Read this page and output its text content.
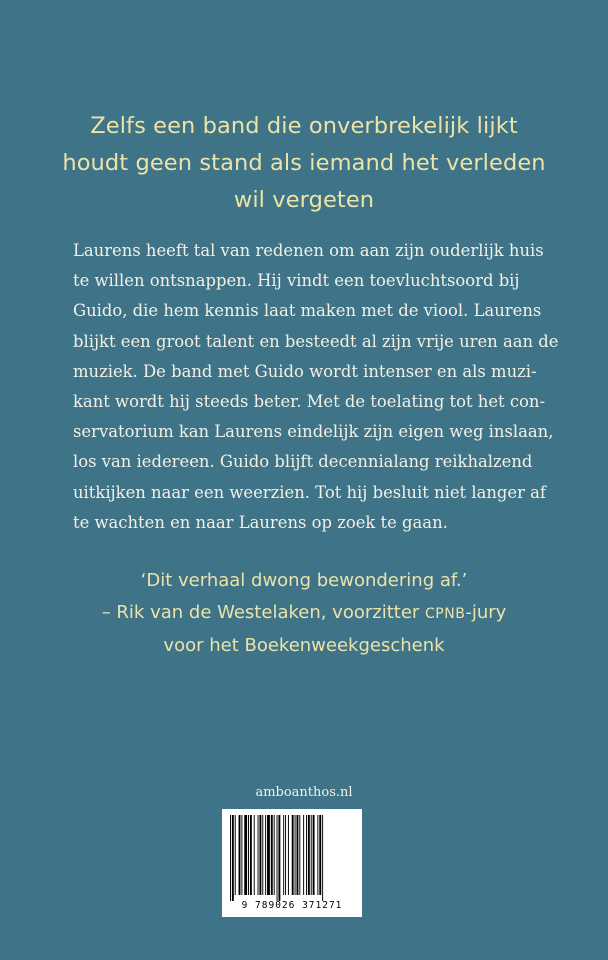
Zelfs een band die onverbrekelijk lijkt
houdt geen stand als iemand het verleden
wil vergeten
Laurens heeft tal van redenen om aan zijn ouderlijk huis
te willen ontsnappen. Hij vindt een toevluchtsoord bij
Guido, die hem kennis laat maken met de viool. Laurens
blijkt een groot talent en besteedt al zijn vrije uren aan de
muziek. De band met Guido wordt intenser en als muzi-
kant wordt hij steeds beter. Met de toelating tot het con-
servatorium kan Laurens eindelijk zijn eigen weg inslaan,
los van iedereen. Guido blijft decennialang reikhalzend
uitkijken naar een weerzien. Tot hij besluit niet langer af
te wachten en naar Laurens op zoek te gaan.
‘Dit verhaal dwong bewondering af.’
– Rik van de Westelaken, voorzitter CPNB-jury
voor het Boekenweekgeschenk
amboanthos.nl
9 789026 371271
